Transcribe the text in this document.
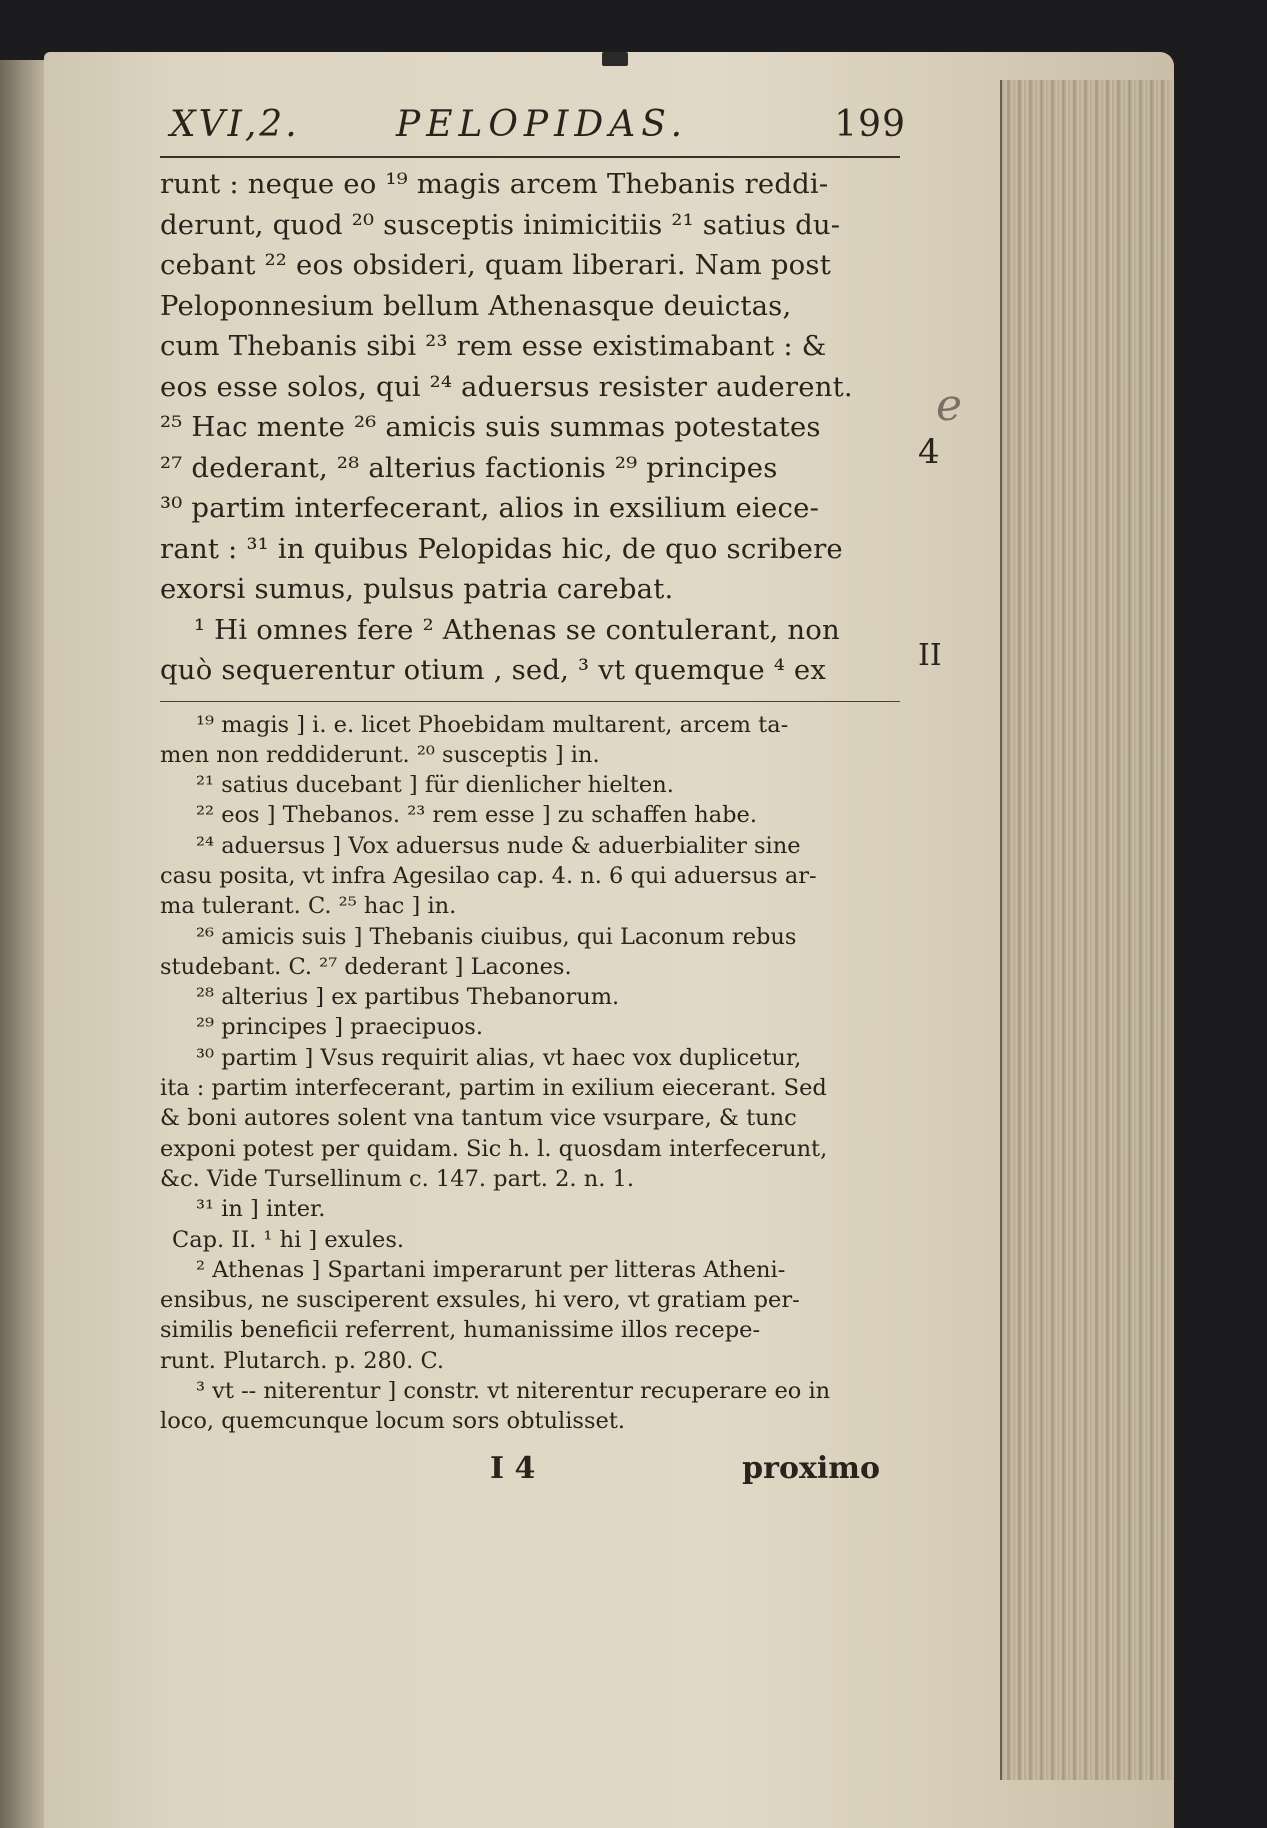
XVI,2.	PELOPIDAS.	199
runt : neque eo ¹⁹ magis arcem Thebanis reddi-
derunt, quod ²⁰ susceptis inimicitiis ²¹ satius du-
cebant ²² eos obsideri, quam liberari. Nam post
Peloponnesium bellum Athenasque deuictas,
cum Thebanis sibi ²³ rem esse existimabant : &
eos esse solos, qui ²⁴ aduersus resister auderent.
²⁵ Hac mente ²⁶ amicis suis summas potestates
²⁷ dederant, ²⁸ alterius factionis ²⁹ principes
³⁰ partim interfecerant, alios in exsilium eiece-
rant : ³¹ in quibus Pelopidas hic, de quo scribere
exorsi sumus, pulsus patria carebat.
¹ Hi omnes fere ² Athenas se contulerant, non
quò sequerentur otium , sed, ³ vt quemque ⁴ ex
¹⁹ magis ] i. e. licet Phoebidam multarent, arcem ta-
men non reddiderunt. ²⁰ susceptis ] in.
²¹ satius ducebant ] für dienlicher hielten.
²² eos ] Thebanos. ²³ rem esse ] zu schaffen habe.
²⁴ aduersus ] Vox aduersus nude & aduerbialiter sine
casu posita, vt infra Agesilao cap. 4. n. 6 qui aduersus ar-
ma tulerant. C. ²⁵ hac ] in.
²⁶ amicis suis ] Thebanis ciuibus, qui Laconum rebus
studebant. C. ²⁷ dederant ] Lacones.
²⁸ alterius ] ex partibus Thebanorum.
²⁹ principes ] praecipuos.
³⁰ partim ] Vsus requirit alias, vt haec vox duplicetur,
ita : partim interfecerant, partim in exilium eiecerant. Sed
& boni autores solent vna tantum vice vsurpare, & tunc
exponi potest per quidam. Sic h. l. quosdam interfecerunt,
&c. Vide Tursellinum c. 147. part. 2. n. 1.
³¹ in ] inter.
Cap. II. ¹ hi ] exules.
² Athenas ] Spartani imperarunt per litteras Atheni-
ensibus, ne susciperent exsules, hi vero, vt gratiam per-
similis beneficii referrent, humanissime illos recepe-
runt. Plutarch. p. 280. C.
³ vt -- niterentur ] constr. vt niterentur recuperare eo in
loco, quemcunque locum sors obtulisset.
I 4	proximo
4
II
e
